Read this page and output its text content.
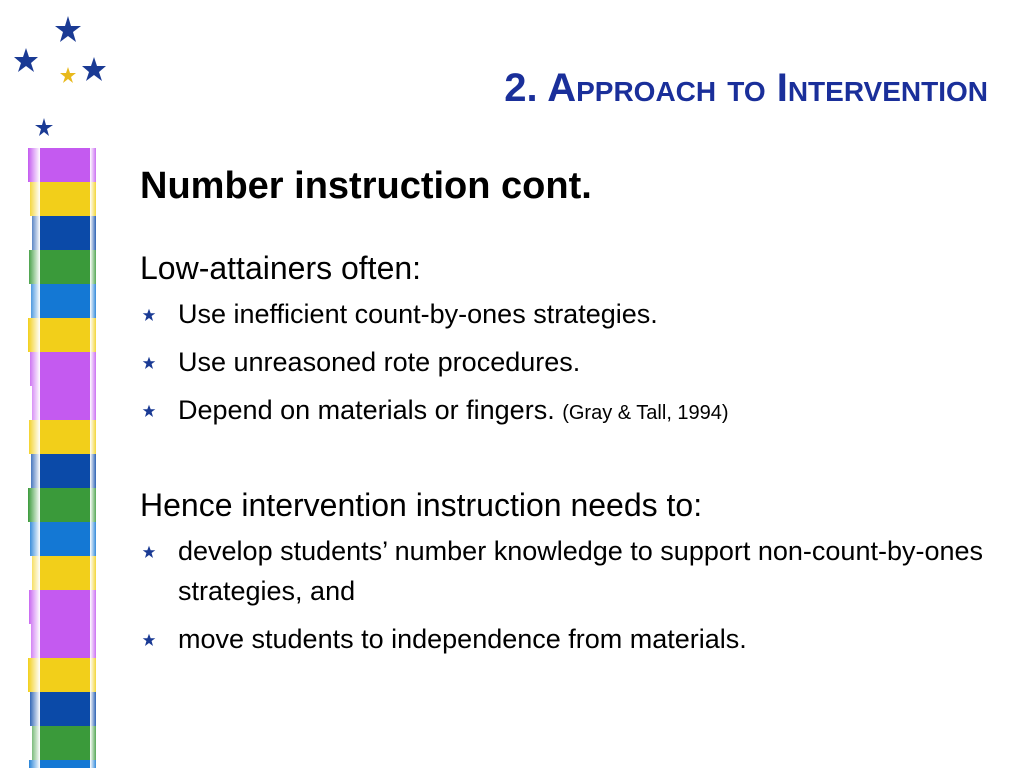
2. Approach to Intervention

Number instruction cont.

Low-attainers often:

Use inefficient count-by-ones strategies.
Use unreasoned rote procedures.
Depend on materials or fingers. (Gray & Tall, 1994)

Hence intervention instruction needs to:

develop students’ number knowledge to support non-count-by-ones strategies, and
move students to independence from materials.
